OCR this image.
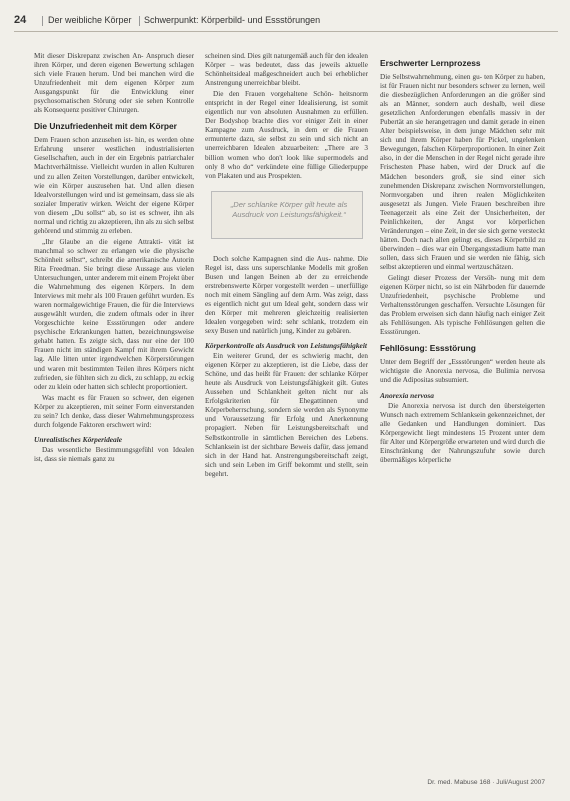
24 Der weibliche Körper Schwerpunkt: Körperbild- und Essstörungen

Mit dieser Diskrepanz zwischen An- Anspruch dieser ihren Körper, und deren eigenen Bewertung schlagen sich viele Frauen herum. Und bei manchen wird die Unzufriedenheit mit dem eigenen Körper zum Ausgangspunkt für die Entwicklung einer psychosomatischen Störung oder sie sehen Kontrolle als Konsequenz positiver Chirurgen.

Die Unzufriedenheit mit dem Körper

Dem Frauen schon anzusehen ist- hin, es werden ohne Erfahrung unserer westlichen industrialisierten Gesellschaften, auch in der ein Ergebnis patriarchaler Machtverhältnisse. Vielleicht wurden in allen Kulturen und zu allen Zeiten Vorstellungen, darüber entwickelt, wie ein Körper auszusehen hat. Und allen diesen Idealvorstellungen wird und ist gemeinsam, dass sie als sozialer Imperativ wirken. Weicht der eigene Körper von diesem „Du sollst“ ab, so ist es schwer, ihn als normal und richtig zu akzeptieren, ihn als zu sich selbst gehörend und stimmig zu erleben.

„Ihr Glaube an die eigene Attrakti- vität ist manchmal so schwer zu erlangen wie die physische Schönheit selbst“, schreibt die amerikanische Autorin Rita Freedman. Sie bringt diese Aussage aus vielen Untersuchungen, unter anderem mit einem Projekt über die Wahrnehmung des eigenen Körpers. In dem Interviews mit mehr als 100 Frauen geführt wurden. Es waren normalgewichtige Frauen, die für die Interviews ausgewählt wurden, die zudem oftmals oder in ihrer Vorgeschichte keine Essstörungen oder andere psychische Erkrankungen hatten, bezeichnungsweise gehabt hatten. Es zeigte sich, dass nur eine der 100 Frauen nicht im ständigen Kampf mit ihrem Gewicht lag. Alle litten unter irgendwelchen Körperstörungen und waren mit bestimmten Teilen ihres Körpers nicht zufrieden, sie fühlten sich zu dick, zu schlapp, zu eckig oder zu klein oder hatten sich schlecht proportioniert.

Was macht es für Frauen so schwer, den eigenen Körper zu akzeptieren, mit seiner Form einverstanden zu sein? Ich denke, dass dieser Wahrnehmungsprozess durch folgende Faktoren erschwert wird:

Unrealistisches Körperideale

Das wesentliche Bestimmungsgefühl von Idealen ist, dass sie niemals ganz zu

scheinen sind. Dies gilt naturgemäß auch für den idealen Körper – was bedeutet, dass das jeweils aktuelle Schönheitsideal maßgeschneidert auch bei erheblicher Anstrengung unerreichbar bleibt.

Die den Frauen vorgehaltene Schön- heitsnorm entspricht in der Regel einer Idealisierung, ist somit eigentlich nur von absoluten Ausnahmen zu erfüllen. Der Bodyshop brachte dies vor einiger Zeit in einer Kampagne zum Ausdruck, in dem er die Frauen ermunterte dazu, sie selbst zu sein und sich nicht an unerreichbaren Idealen abzuarbeiten: „There are 3 billion women who don't look like supermodels and only 8 who do“ verkündete eine füllige Gliederpuppe von Plakaten und aus Prospekten.

„Der schlanke Körper gilt heute als Ausdruck von Leistungsfähigkeit.“

Doch solche Kampagnen sind die Aus- nahme. Die Regel ist, dass uns superschlanke Modells mit großen Busen und langen Beinen ab der zu erreichende erstrebenswerte Körper vorgestellt werden – unerfüllige noch mit einem Sängling auf dem Arm. Was zeigt, dass es eigentlich nicht gut um Ideal geht, sondern dass wir den Körper mit mehreren gleichzeitig realisierten Idealen vorgegeben wird: sehr schlank, trotzdem ein sexy Busen und natürlich jung, Kinder zu gebären.

Körperkontrolle als Ausdruck von Leistungsfähigkeit

Ein weiterer Grund, der es schwierig macht, den eigenen Körper zu akzeptieren, ist die Liebe, dass der Schöne, und das heißt für Frauen: der schlanke Körper heute als Ausdruck von Leistungsfähigkeit gilt. Gutes Aussehen und Schlankheit gelten nicht nur als Erfolgskriterien für Ehegattinnen und Körperbeherrschung, sondern sie werden als Synonyme und Voraussetzung für Erfolg und Anerkennung propagiert. Neben für Leistungsbereitschaft und Selbstkontrolle in sämtlichen Bereichen des Lebens. Schlanksein ist der sichtbare Beweis dafür, dass jemand sich in der Hand hat. Anstrengungsbereitschaft zeigt, sich und sein Leben im Griff bekommt und stellt, sein begehrt.

Erschwerter Lernprozess

Die Selbstwahrnehmung, einen gu- ten Körper zu haben, ist für Frauen nicht nur besonders schwer zu lernen, weil die diesbezüglichen Anforderungen an die größer sind als an Männer, sondern auch deshalb, weil diese gesetzlichen Anforderungen ebenfalls massiv in der Pubertät an sie herangetragen und damit gerade in einen Alter beispielsweise, in dem junge Mädchen sehr mit sich und ihrem Körper haben für Pickel, ungelenken Bewegungen, falschen Körperproportionen. In einer Zeit also, in der die Menschen in der Regel nicht gerade ihre Frischesten Phase haben, wird der Druck auf die Mädchen besonders groß, sie sind einer sich zunehmenden Diskrepanz zwischen Normvorstellungen, Normvorgaben und ihren realen Möglichkeiten ausgesetzt als Jungen. Viele Frauen beschreiben ihre Teenagerzeit als eine Zeit der Unsicherheiten, der Peinlichkeiten, der Angst vor körperlichen Veränderungen – eine Zeit, in der sie sich gerne versteckt hätten. Doch nach allen gelingt es, dieses Körperbild zu überwinden – dies war ein Übergangsstadium hatte man sollen, dass sich Frauen und sie werden nie fähig, sich selbst akzeptieren und einmal wertzuschätzen.

Gelingt dieser Prozess der Versöh- nung mit dem eigenen Körper nicht, so ist ein Nährboden für dauernde Unzufriedenheit, psychische Probleme und Verhaltensstörungen geschaffen. Versuchte Lösungen für das Problem erweisen sich dann häufig nach einiger Zeit als Fehllösungen. Als typische Fehllösungen gelten die Essstörungen.

Fehllösung: Essstörung

Unter dem Begriff der „Essstörungen“ werden heute als wichtigste die Anorexia nervosa, die Bulimia nervosa und die Adipositas subsumiert.

Anorexia nervosa

Die Anorexia nervosa ist durch den übersteigerten Wunsch nach extremem Schlanksein gekennzeichnet, der alle Gedanken und Handlungen dominiert. Das Körpergewicht liegt mindestens 15 Prozent unter dem für Alter und Körpergröße erwarteten und wird durch die Einschränkung der Nahrungszufuhr sowie durch übermäßiges körperliche

Dr. med. Mabuse 168 · Juli/August 2007
